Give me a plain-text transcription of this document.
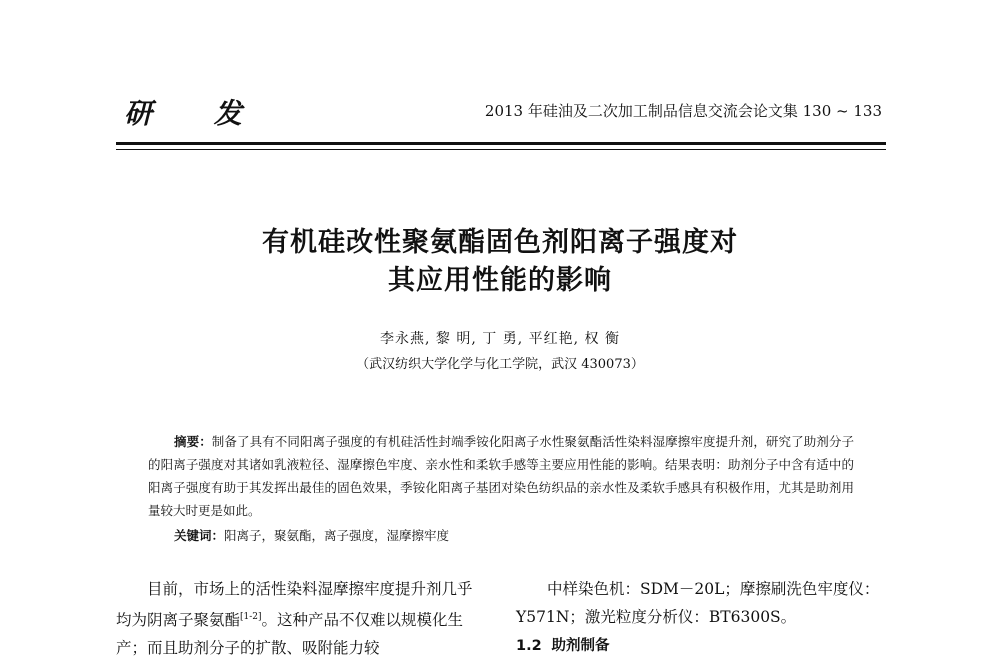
研 发	2013 年硅油及二次加工制品信息交流会论文集 130 ~ 133
有机硅改性聚氨酯固色剂阳离子强度对
其应用性能的影响
李永燕, 黎 明, 丁 勇, 平红艳, 权 衡
（武汉纺织大学化学与化工学院，武汉 430073）

摘要：制备了具有不同阳离子强度的有机硅活性封端季铵化阳离子水性聚氨酯活性染料湿摩擦牢度提升剂，研究了助剂分子的阳离子强度对其诸如乳液粒径、湿摩擦色牢度、亲水性和柔软手感等主要应用性能的影响。结果表明：助剂分子中含有适中的阳离子强度有助于其发挥出最佳的固色效果，季铵化阳离子基团对染色纺织品的亲水性及柔软手感具有积极作用，尤其是助剂用量较大时更是如此。

关键词：阳离子，聚氨酯，离子强度，湿摩擦牢度

目前，市场上的活性染料湿摩擦牢度提升剂几乎均为阴离子聚氨酯[1-2]。这种产品不仅难以规模化生产；而且助剂分子的扩散、吸附能力较

中样染色机：SDM－20L；摩擦刷洗色牢度仪：Y571N；激光粒度分析仪：BT6300S。

1.2 助剂制备
